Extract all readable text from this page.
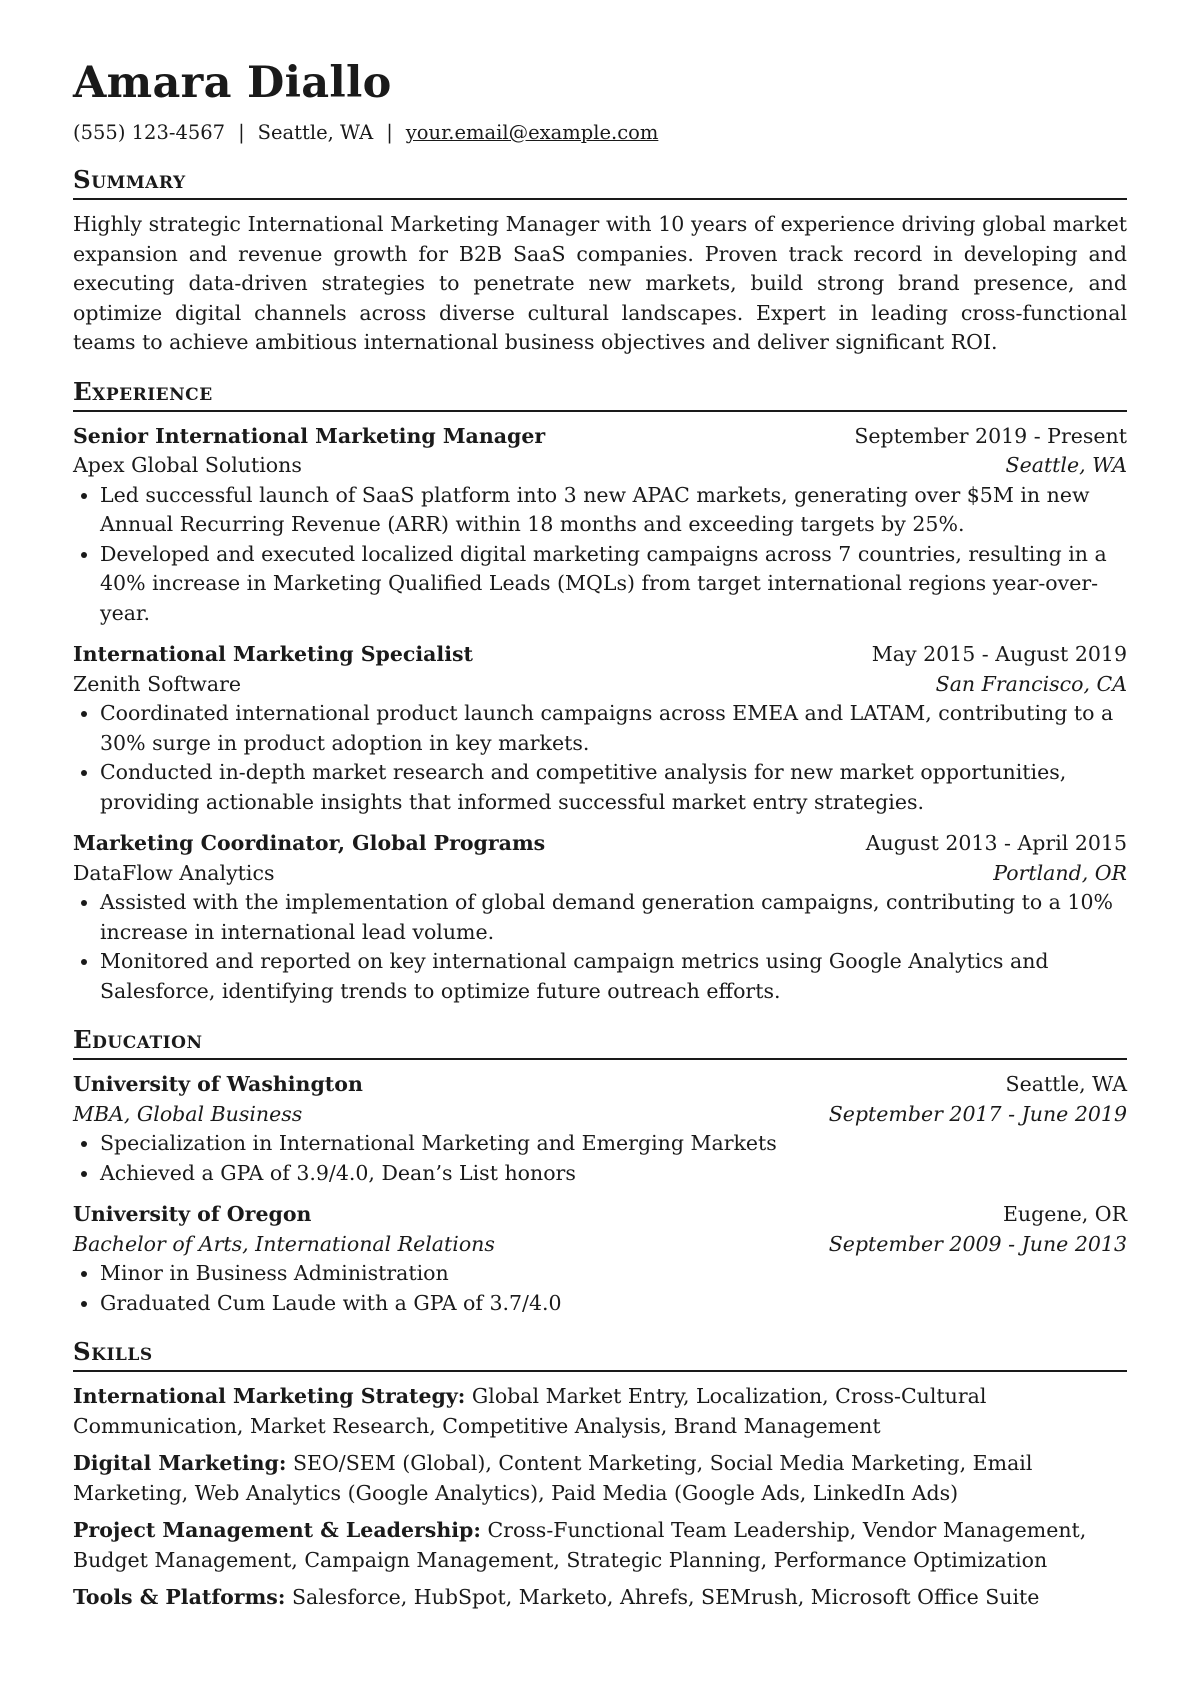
Amara Diallo
(555) 123-4567 | Seattle, WA | your.email@example.com
Summary
Highly strategic International Marketing Manager with 10 years of experience driving global market expansion and revenue growth for B2B SaaS companies. Proven track record in developing and executing data-driven strategies to penetrate new markets, build strong brand presence, and optimize digital channels across diverse cultural landscapes. Expert in leading cross-functional teams to achieve ambitious international business objectives and deliver significant ROI.
Experience
Senior International Marketing Manager	September 2019 - Present
Apex Global Solutions	Seattle, WA
• Led successful launch of SaaS platform into 3 new APAC markets, generating over $5M in new Annual Recurring Revenue (ARR) within 18 months and exceeding targets by 25%.
• Developed and executed localized digital marketing campaigns across 7 countries, resulting in a 40% increase in Marketing Qualified Leads (MQLs) from target international regions year-over-year.
International Marketing Specialist	May 2015 - August 2019
Zenith Software	San Francisco, CA
• Coordinated international product launch campaigns across EMEA and LATAM, contributing to a 30% surge in product adoption in key markets.
• Conducted in-depth market research and competitive analysis for new market opportunities, providing actionable insights that informed successful market entry strategies.
Marketing Coordinator, Global Programs	August 2013 - April 2015
DataFlow Analytics	Portland, OR
• Assisted with the implementation of global demand generation campaigns, contributing to a 10% increase in international lead volume.
• Monitored and reported on key international campaign metrics using Google Analytics and Salesforce, identifying trends to optimize future outreach efforts.
Education
University of Washington	Seattle, WA
MBA, Global Business	September 2017 - June 2019
• Specialization in International Marketing and Emerging Markets
• Achieved a GPA of 3.9/4.0, Dean’s List honors
University of Oregon	Eugene, OR
Bachelor of Arts, International Relations	September 2009 - June 2013
• Minor in Business Administration
• Graduated Cum Laude with a GPA of 3.7/4.0
Skills
International Marketing Strategy: Global Market Entry, Localization, Cross-Cultural Communication, Market Research, Competitive Analysis, Brand Management
Digital Marketing: SEO/SEM (Global), Content Marketing, Social Media Marketing, Email Marketing, Web Analytics (Google Analytics), Paid Media (Google Ads, LinkedIn Ads)
Project Management & Leadership: Cross-Functional Team Leadership, Vendor Management, Budget Management, Campaign Management, Strategic Planning, Performance Optimization
Tools & Platforms: Salesforce, HubSpot, Marketo, Ahrefs, SEMrush, Microsoft Office Suite
